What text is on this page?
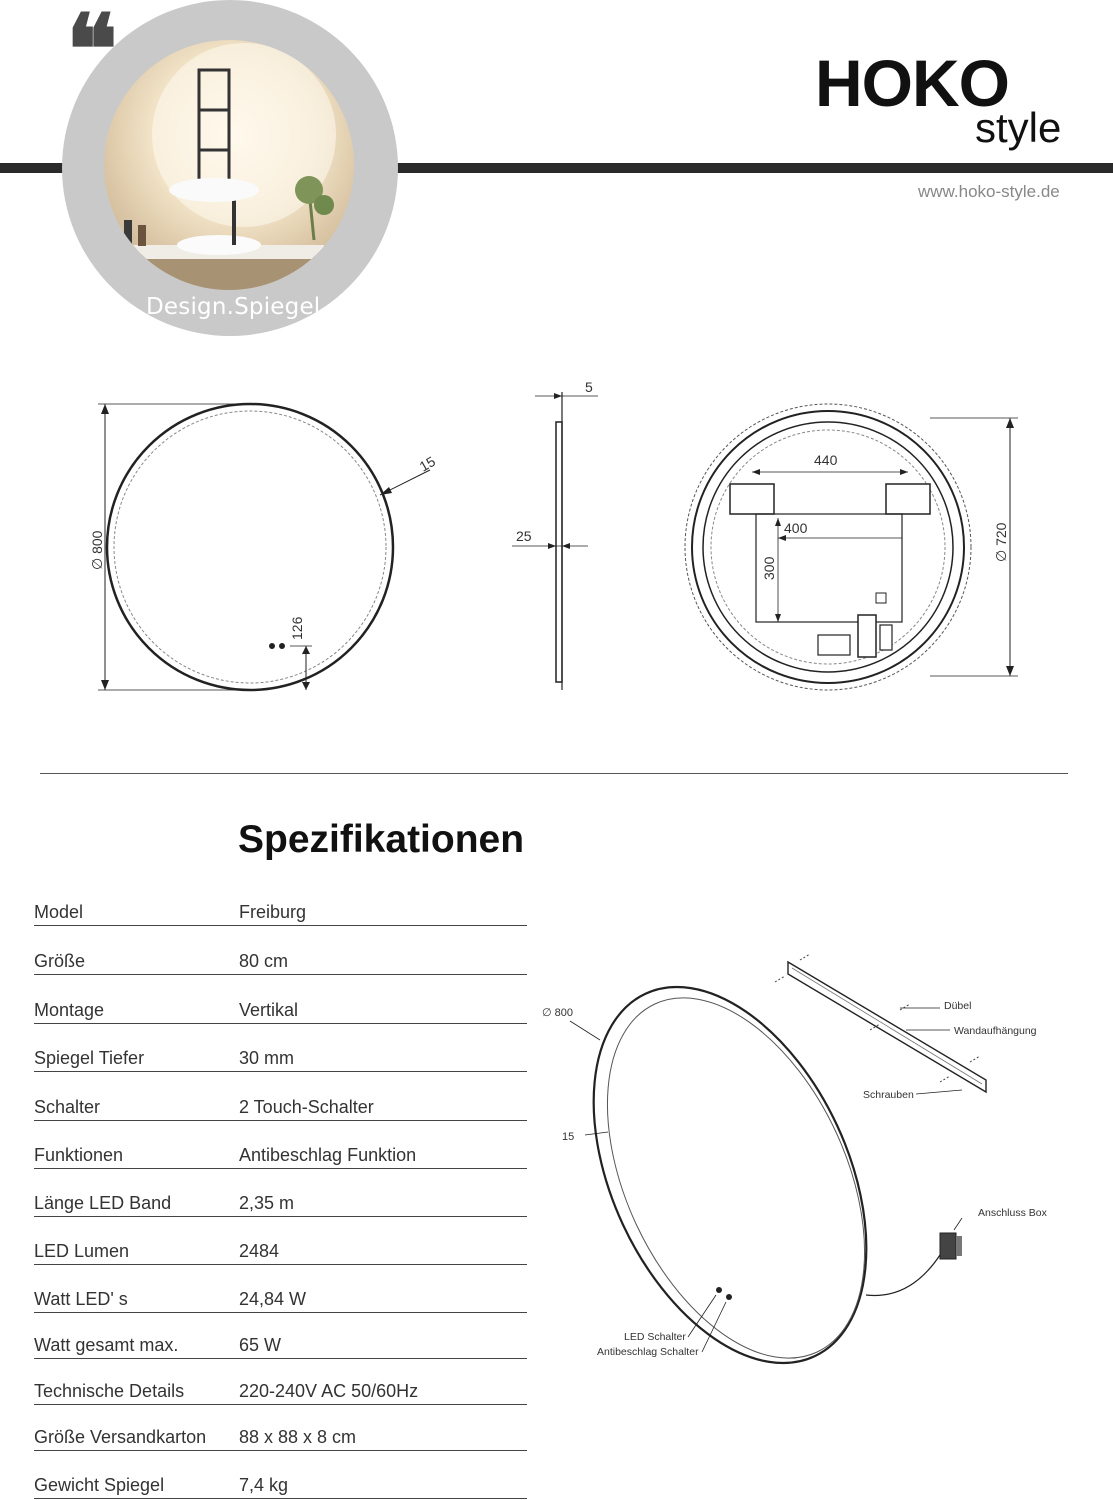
❝
Design.Spiegel
HOKO
style
www.hoko-style.de
∅ 800
15
126
5
25
440
400
300
∅ 720
Spezifikationen
Model	Freiburg
Größe	80 cm
Montage	Vertikal
Spiegel Tiefer	30 mm
Schalter	2 Touch-Schalter
Funktionen	Antibeschlag Funktion
Länge LED Band	2,35 m
LED Lumen	2484
Watt LED' s	24,84 W
Watt gesamt max.	65 W
Technische Details	220-240V AC 50/60Hz
Größe Versandkarton 88 x 88 x 8 cm
Gewicht Spiegel	7,4 kg
∅ 800
15
LED Schalter
Antibeschlag Schalter
Dübel
Wandaufhängung
Schrauben
Anschluss Box
